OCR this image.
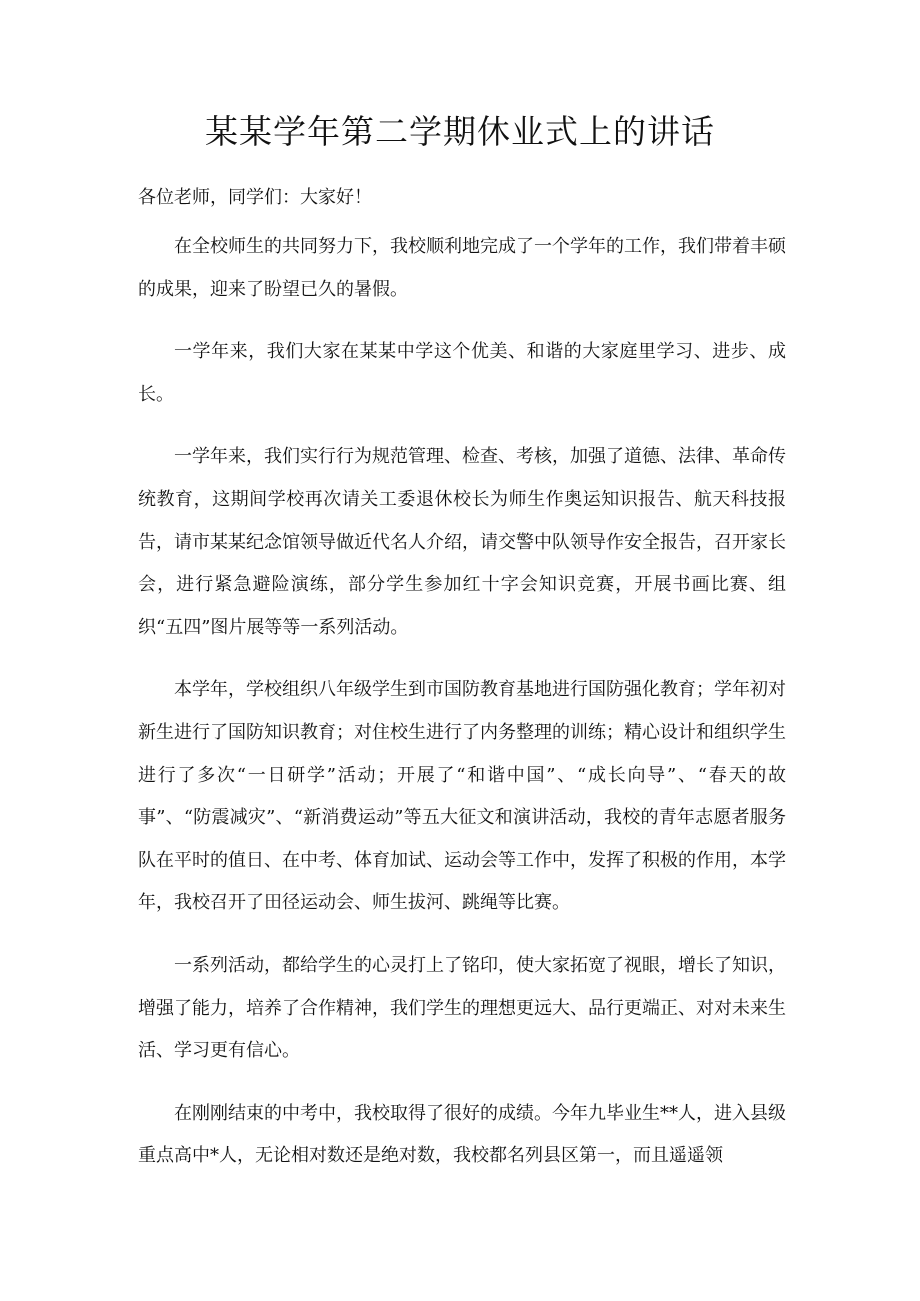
某某学年第二学期休业式上的讲话

各位老师，同学们：大家好！

在全校师生的共同努力下，我校顺利地完成了一个学年的工作，我们带着丰硕的成果，迎来了盼望已久的暑假。

一学年来，我们大家在某某中学这个优美、和谐的大家庭里学习、进步、成长。

一学年来，我们实行行为规范管理、检查、考核，加强了道德、法律、革命传统教育，这期间学校再次请关工委退休校长为师生作奥运知识报告、航天科技报告，请市某某纪念馆领导做近代名人介绍，请交警中队领导作安全报告，召开家长会，进行紧急避险演练，部分学生参加红十字会知识竞赛，开展书画比赛、组织“五四”图片展等等一系列活动。

本学年，学校组织八年级学生到市国防教育基地进行国防强化教育；学年初对新生进行了国防知识教育；对住校生进行了内务整理的训练；精心设计和组织学生进行了多次“一日研学”活动；开展了“和谐中国”、“成长向导”、“春天的故事”、“防震减灾”、“新消费运动”等五大征文和演讲活动，我校的青年志愿者服务队在平时的值日、在中考、体育加试、运动会等工作中，发挥了积极的作用，本学年，我校召开了田径运动会、师生拔河、跳绳等比赛。

一系列活动，都给学生的心灵打上了铭印，使大家拓宽了视眼，增长了知识，增强了能力，培养了合作精神，我们学生的理想更远大、品行更端正、对对未来生活、学习更有信心。

在刚刚结束的中考中，我校取得了很好的成绩。今年九毕业生**人，进入县级重点高中*人，无论相对数还是绝对数，我校都名列县区第一，而且遥遥领
